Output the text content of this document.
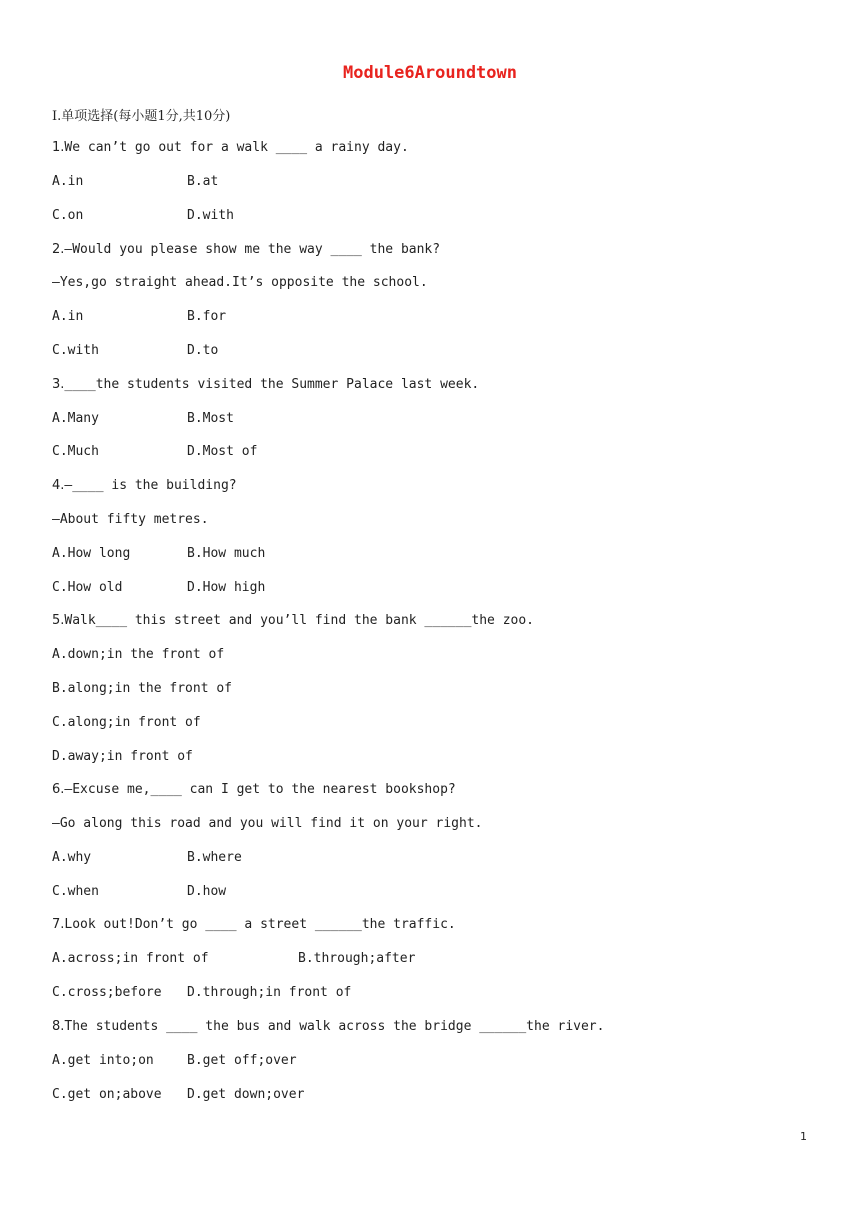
Module6Aroundtown
Ⅰ.单项选择(每小题1分,共10分)
1.We can’t go out for a walk ____ a rainy day.
A.in	B.at
C.on	D.with
2.—Would you please show me the way ____ the bank?
—Yes,go straight ahead.It’s opposite the school.
A.in	B.for
C.with	D.to
3.____the students visited the Summer Palace last week.
A.Many	B.Most
C.Much	D.Most of
4.—____ is the building?
—About fifty metres.
A.How long	B.How much
C.How old	D.How high
5.Walk____ this street and you’ll find the bank ______the zoo.
A.down;in the front of
B.along;in the front of
C.along;in front of
D.away;in front of
6.—Excuse me,____ can I get to the nearest bookshop?
—Go along this road and you will find it on your right.
A.why	B.where
C.when	D.how
7.Look out!Don’t go ____ a street ______the traffic.
A.across;in front of	B.through;after
C.cross;before D.through;in front of
8.The students ____ the bus and walk across the bridge ______the river.
A.get into;on	B.get off;over
C.get on;above D.get down;over
1
